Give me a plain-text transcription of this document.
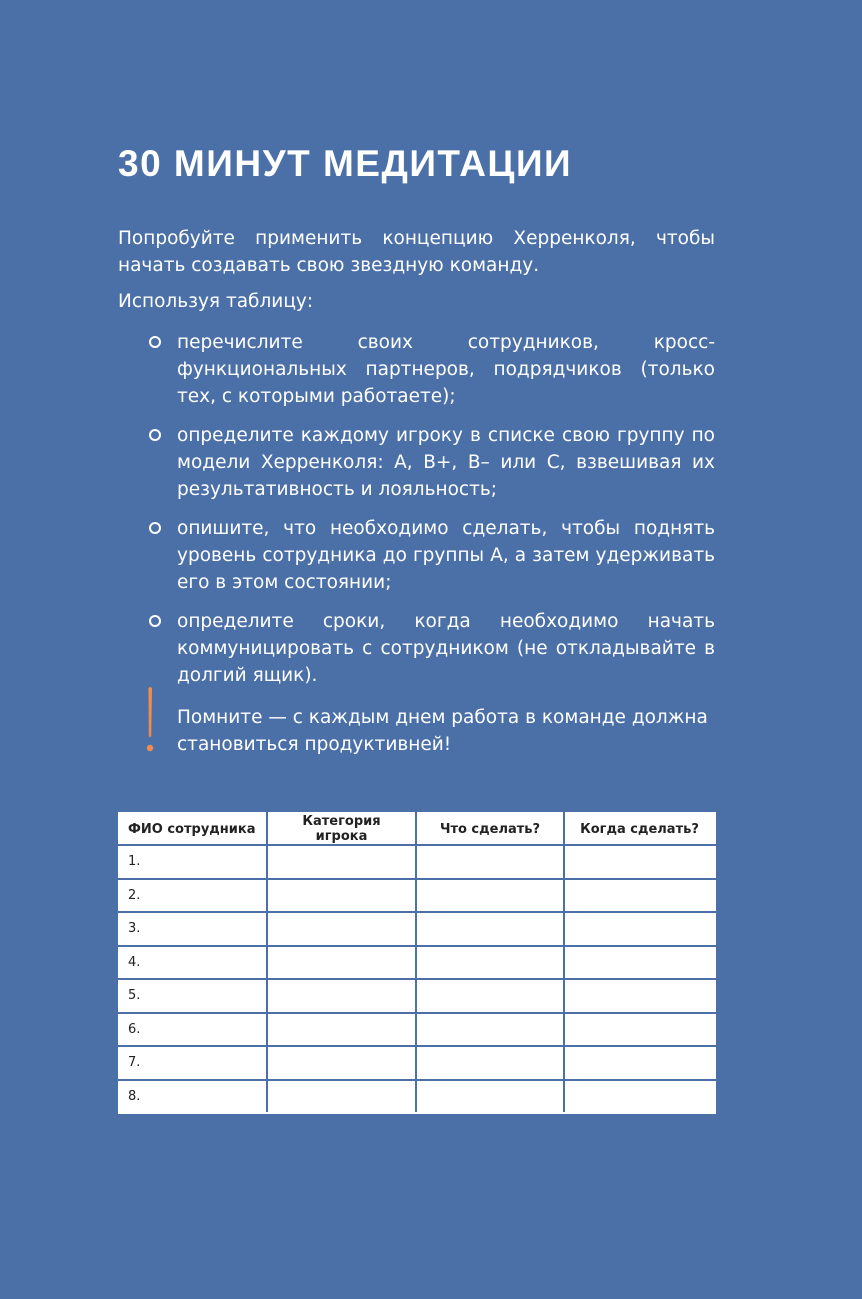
30 МИНУТ МЕДИТАЦИИ

Попробуйте применить концепцию Херренколя, чтобы начать создавать свою звездную команду.

Используя таблицу:

перечислите своих сотрудников, кросс-функциональных партнеров, подрядчиков (только тех, с которыми работаете);
определите каждому игроку в списке свою группу по модели Херренколя: А, В+, В– или С, взвешивая их результативность и лояльность;
опишите, что необходимо сделать, чтобы поднять уровень сотрудника до группы А, а затем удерживать его в этом состоянии;
определите сроки, когда необходимо начать коммуницировать с сотрудником (не откладывайте в долгий ящик).

Помните — с каждым днем работа в команде должна становиться продуктивней!

ФИО сотрудника	Категория игрока	Что сделать?	Когда сделать?
1.			
2.			
3.			
4.			
5.			
6.			
7.			
8.			
